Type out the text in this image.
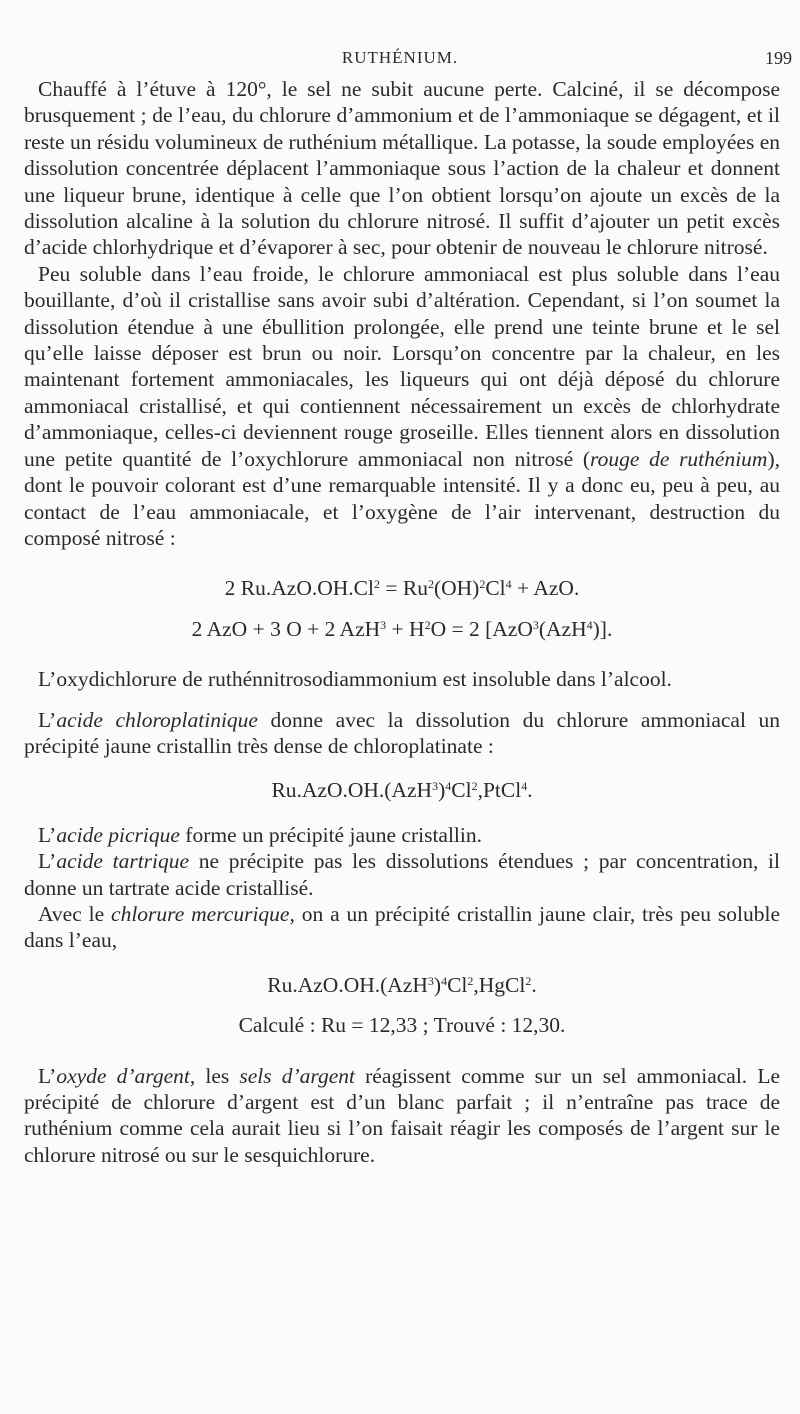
RUTHÉNIUM.	199

Chauffé à l’étuve à 120°, le sel ne subit aucune perte. Calciné, il se décompose brusquement ; de l’eau, du chlorure d’ammonium et de l’ammoniaque se dégagent, et il reste un résidu volumineux de ruthénium métallique. La potasse, la soude employées en dissolution concentrée déplacent l’ammoniaque sous l’action de la chaleur et donnent une liqueur brune, identique à celle que l’on obtient lorsqu’on ajoute un excès de la dissolution alcaline à la solution du chlorure nitrosé. Il suffit d’ajouter un petit excès d’acide chlorhydrique et d’évaporer à sec, pour obtenir de nouveau le chlorure nitrosé.

Peu soluble dans l’eau froide, le chlorure ammoniacal est plus soluble dans l’eau bouillante, d’où il cristallise sans avoir subi d’altération. Cependant, si l’on soumet la dissolution étendue à une ébullition prolongée, elle prend une teinte brune et le sel qu’elle laisse déposer est brun ou noir. Lorsqu’on concentre par la chaleur, en les maintenant fortement ammoniacales, les liqueurs qui ont déjà déposé du chlorure ammoniacal cristallisé, et qui contiennent nécessairement un excès de chlorhydrate d’ammoniaque, celles-ci deviennent rouge groseille. Elles tiennent alors en dissolution une petite quantité de l’oxychlorure ammoniacal non nitrosé (rouge de ruthénium), dont le pouvoir colorant est d’une remarquable intensité. Il y a donc eu, peu à peu, au contact de l’eau ammoniacale, et l’oxygène de l’air intervenant, destruction du composé nitrosé :

2 $Ru.AzO.OH.Cl^2 = Ru^2(OH)^2Cl^4$ + AzO.

2 AzO + 3 O + 2 $AzH^3 + H^2O = 2$ [AzO$^3$(AzH$^4$)].

L’oxydichlorure de ruthénnitrosodiammonium est insoluble dans l’alcool.

L’acide chloroplatinique donne avec la dissolution du chlorure ammoniacal un précipité jaune cristallin très dense de chloroplatinate :

$Ru.AzO.OH.(AzH^3)^4Cl^2,PtCl^4$.

L’acide picrique forme un précipité jaune cristallin.

L’acide tartrique ne précipite pas les dissolutions étendues ; par concentration, il donne un tartrate acide cristallisé.

Avec le chlorure mercurique, on a un précipité cristallin jaune clair, très peu soluble dans l’eau,

$Ru.AzO.OH.(AzH^3)^4Cl^2,HgCl^2$.

Calculé : Ru = 12,33 ; Trouvé : 12,30.

L’oxyde d’argent, les sels d’argent réagissent comme sur un sel ammoniacal. Le précipité de chlorure d’argent est d’un blanc parfait ; il n’entraîne pas trace de ruthénium comme cela aurait lieu si l’on faisait réagir les composés de l’argent sur le chlorure nitrosé ou sur le sesquichlorure.
